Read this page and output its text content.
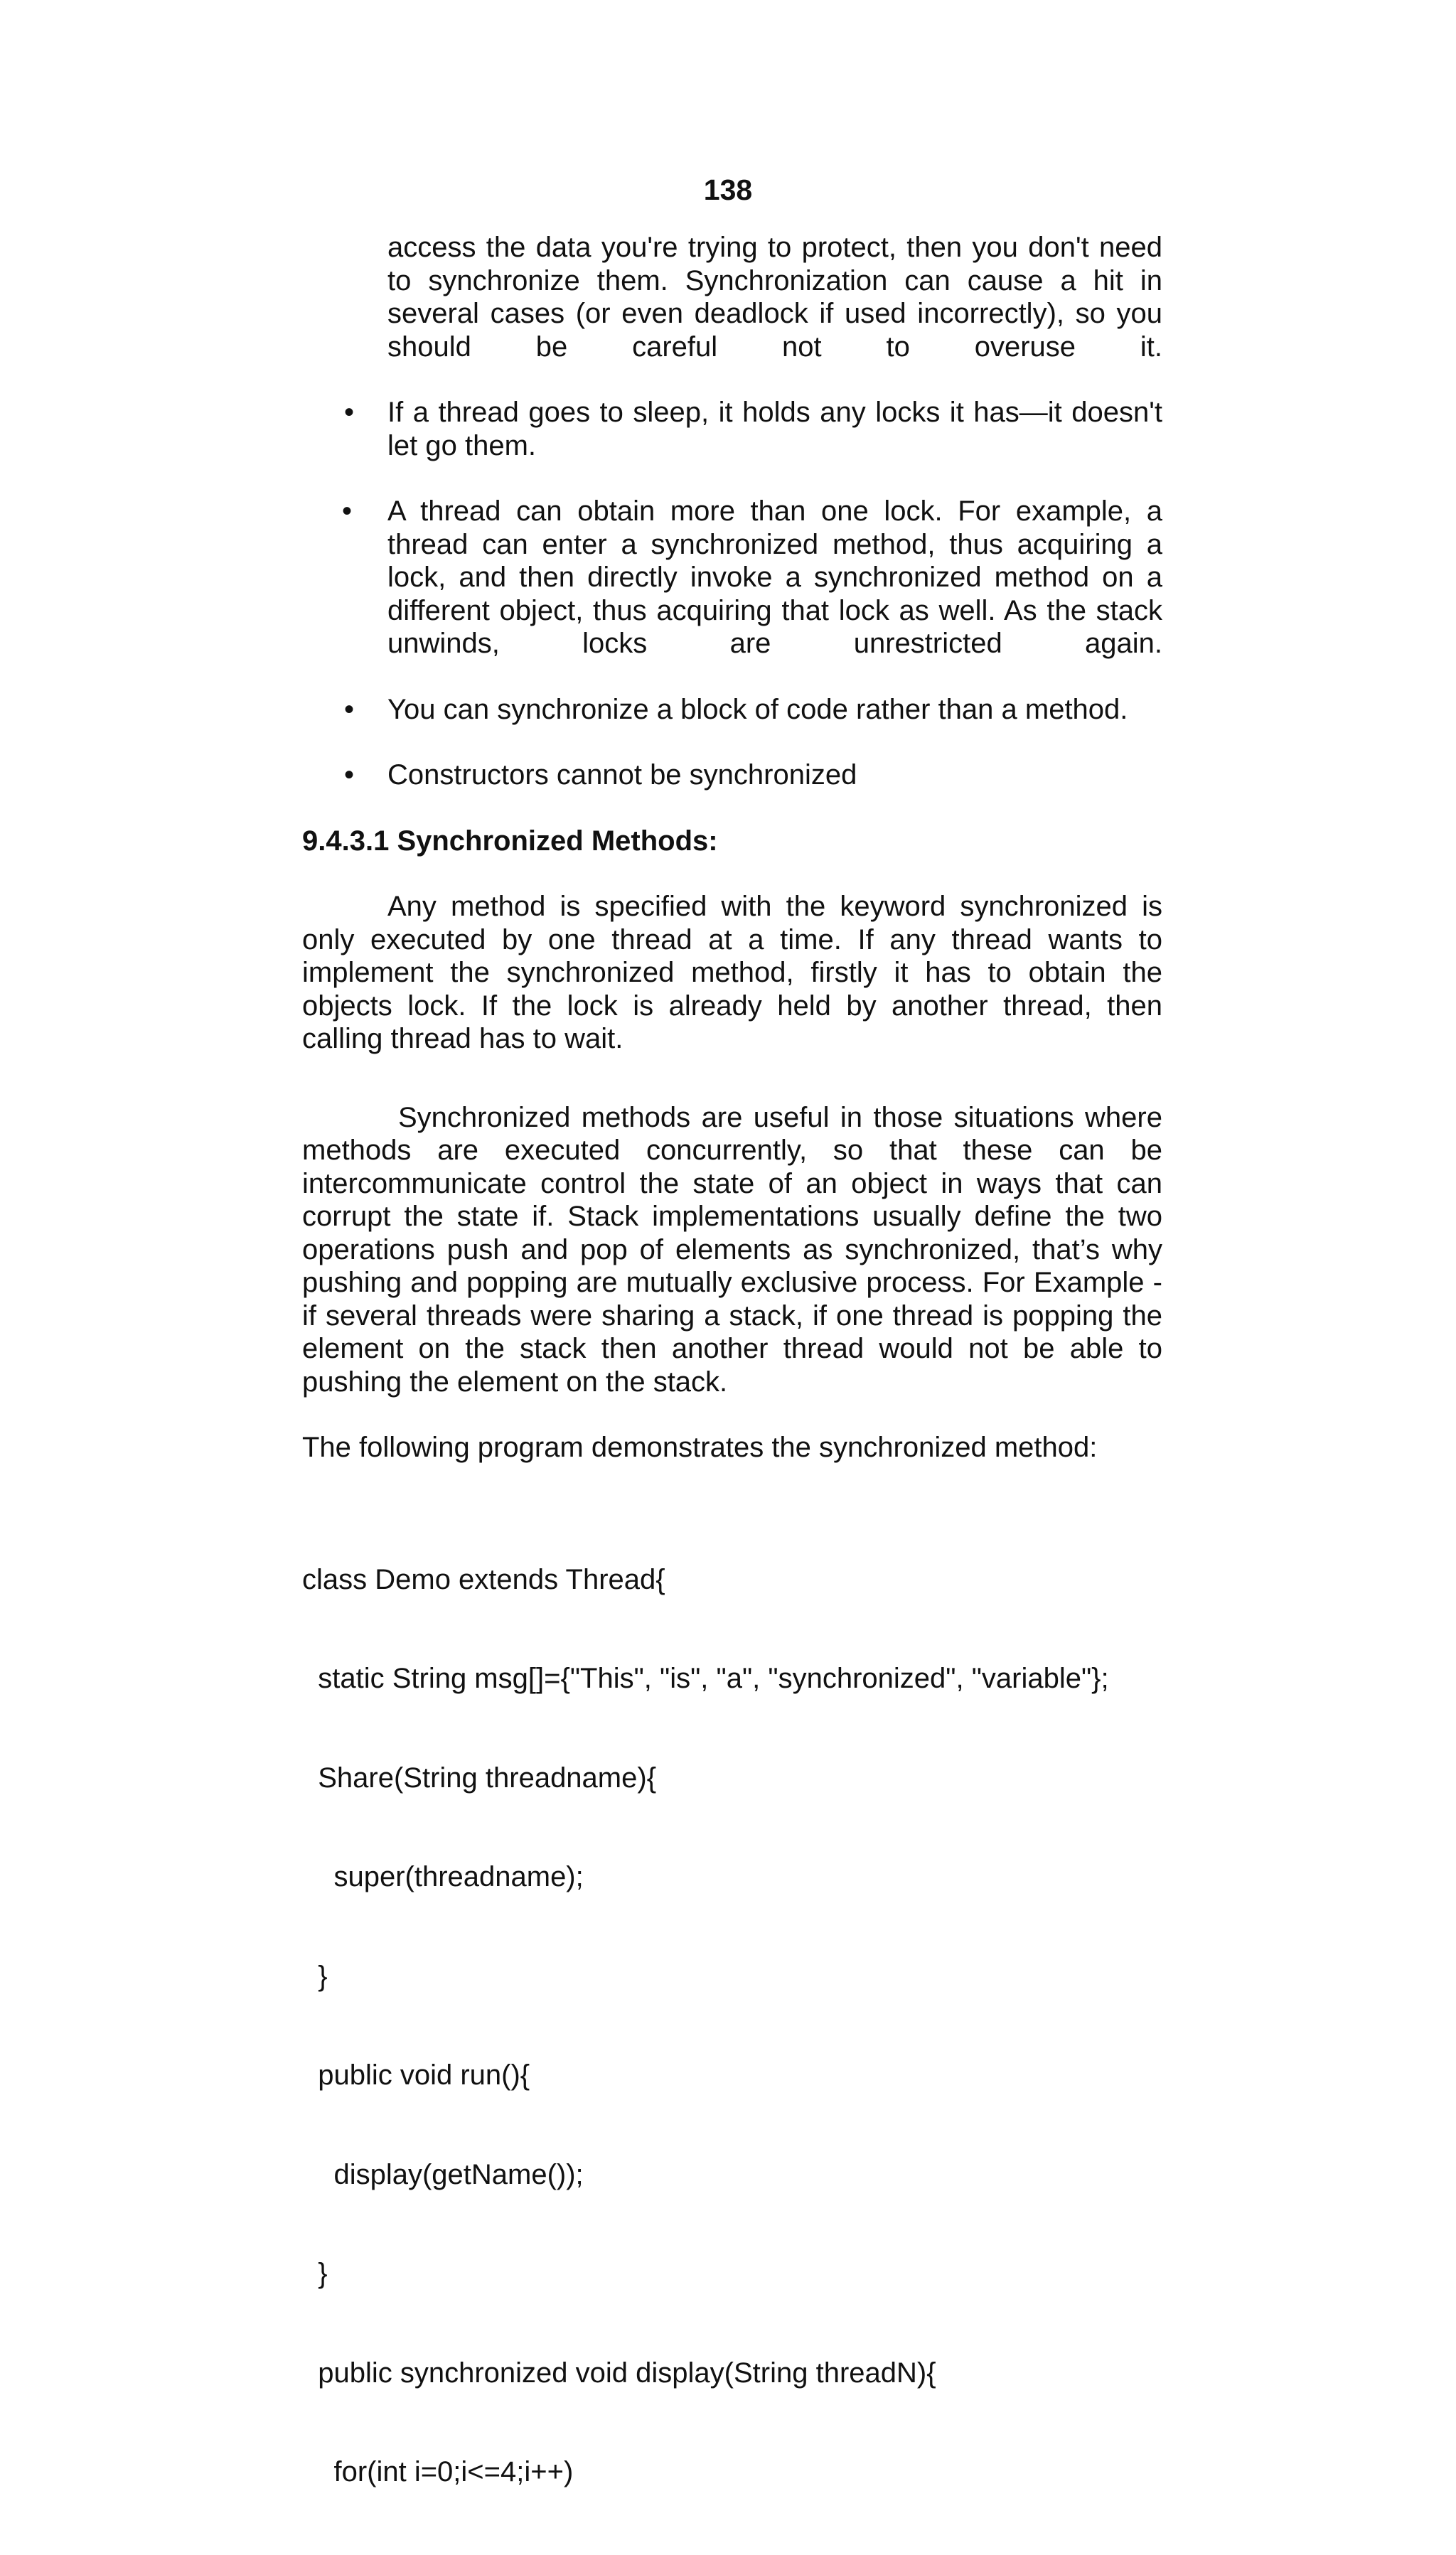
138

access the data you're trying to protect, then you don't need to synchronize them. Synchronization can cause a hit in several cases (or even deadlock if used incorrectly), so you should be careful not to overuse it.

• If a thread goes to sleep, it holds any locks it has—it doesn't let go them.
• A thread can obtain more than one lock. For example, a thread can enter a synchronized method, thus acquiring a lock, and then directly invoke a synchronized method on a different object, thus acquiring that lock as well. As the stack unwinds, locks are unrestricted again.
• You can synchronize a block of code rather than a method.
• Constructors cannot be synchronized
9.4.3.1 Synchronized Methods:

Any method is specified with the keyword synchronized is only executed by one thread at a time. If any thread wants to implement the synchronized method, firstly it has to obtain the objects lock. If the lock is already held by another thread, then calling thread has to wait.

Synchronized methods are useful in those situations where methods are executed concurrently, so that these can be intercommunicate control the state of an object in ways that can corrupt the state if. Stack implementations usually define the two operations push and pop of elements as synchronized, that’s why pushing and popping are mutually exclusive process. For Example - if several threads were sharing a stack, if one thread is popping the element on the stack then another thread would not be able to pushing the element on the stack.

The following program demonstrates the synchronized method:

class Demo extends Thread{

static String msg[]={"This", "is", "a", "synchronized", "variable"};

Share(String threadname){

super(threadname);

}

public void run(){

display(getName());

}

public synchronized void display(String threadN){

for(int i=0;i<=4;i++)
